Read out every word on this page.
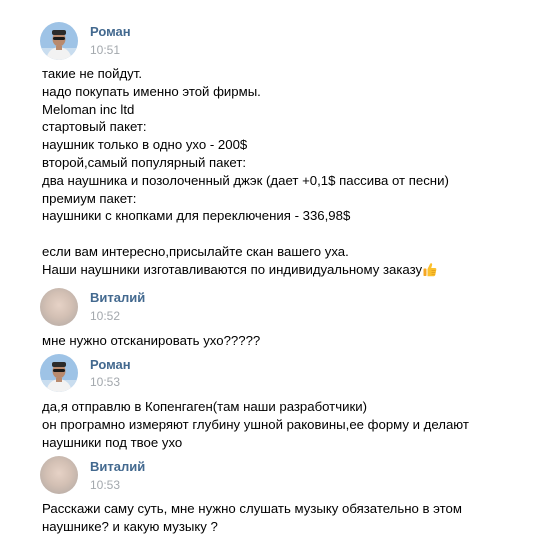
Роман
10:51
такие не пойдут.
надо покупать именно этой фирмы.
Meloman inc ltd
стартовый пакет:
наушник только в одно ухо - 200$
второй,самый популярный пакет:
два наушника и позолоченный джэк (дает +0,1$ пассива от песни)
премиум пакет:
наушники с кнопками для переключения - 336,98$
если вам интересно,присылайте скан вашего уха.
Наши наушники изготавливаются по индивидуальному заказу
Виталий
10:52
мне нужно отсканировать ухо?????
Роман
10:53
да,я отправлю в Копенгаген(там наши разработчики)
он програмно измеряют глубину ушной раковины,ее форму и делают
наушники под твое ухо
Виталий
10:53
Расскажи саму суть, мне нужно слушать музыку обязательно в этом
наушнике? и какую музыку ?
